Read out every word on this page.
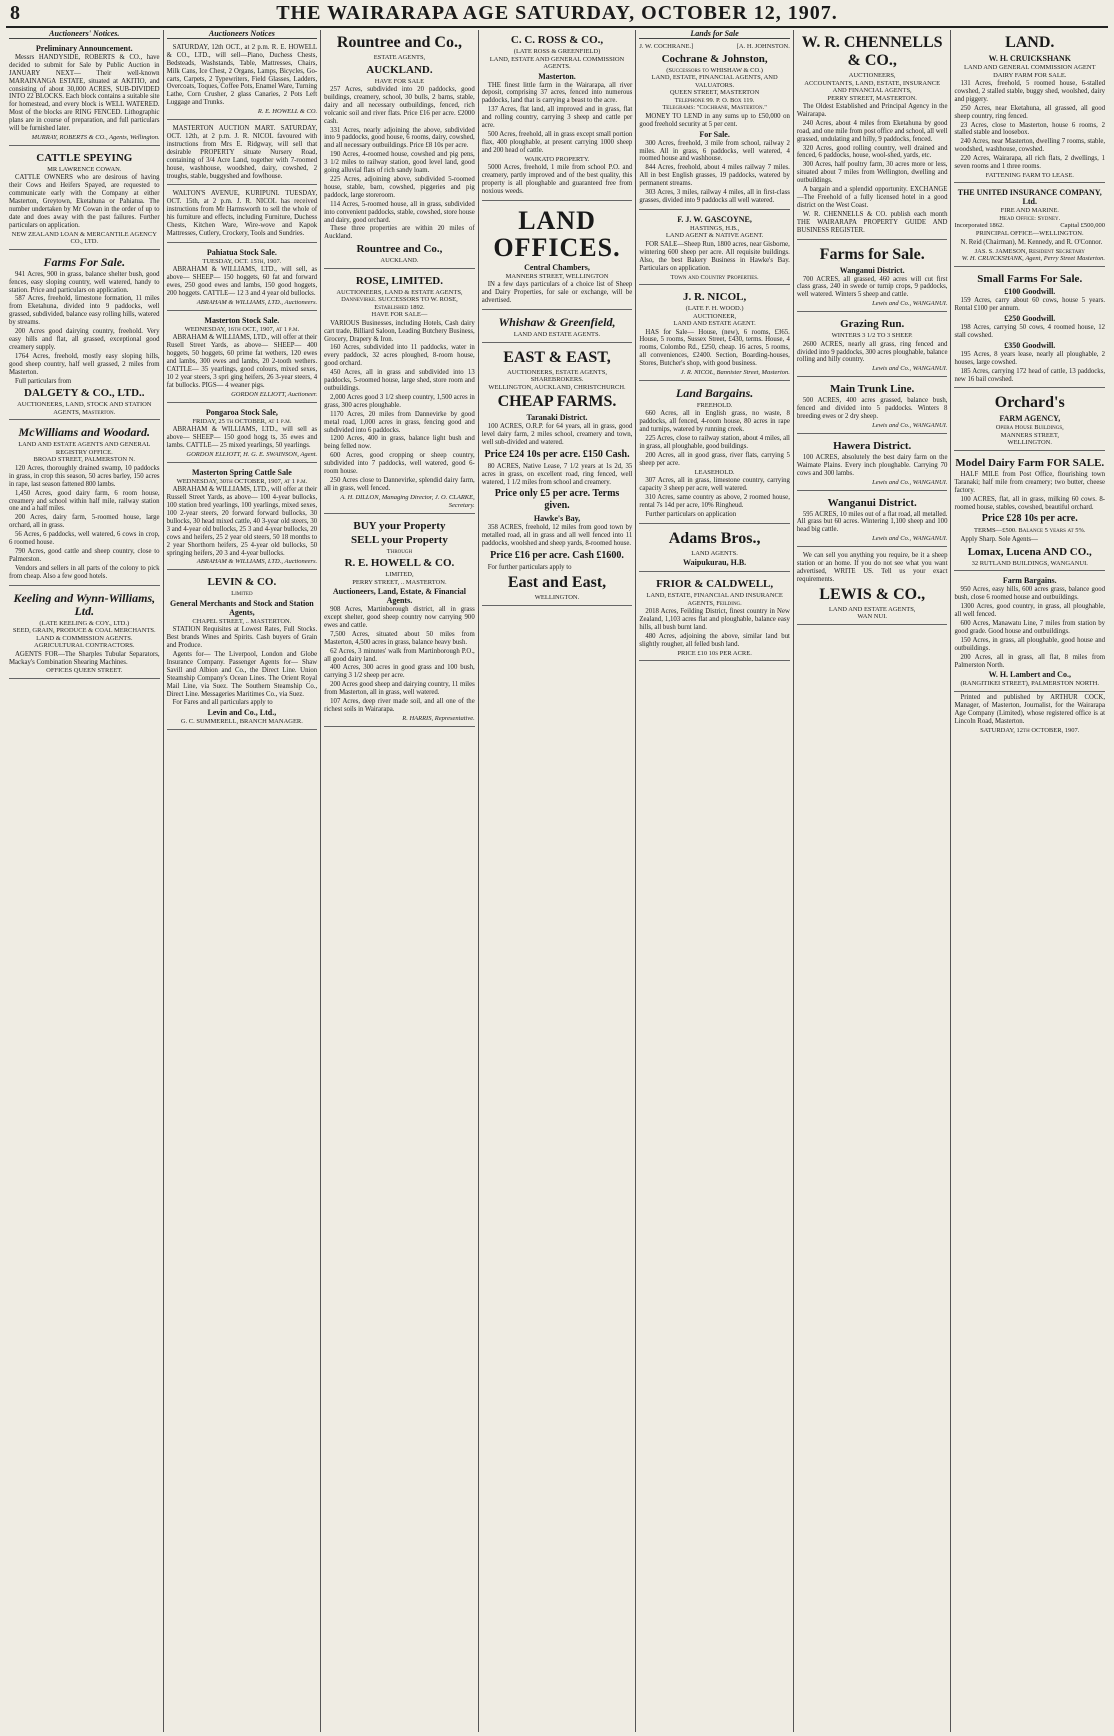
8	THE WAIRARAPA AGE SATURDAY, OCTOBER 12, 1907.
Auctioneers' Notices.
Preliminary Announcement.
Messrs HANDYSIDE, ROBERTS & CO., have decided to submit for Sale by Public Auction in JANUARY NEXT— Their well-known MARAINANGA ESTATE, situated at AKITIO, and consisting of about 30,000 ACRES, SUB-DIVIDED INTO 22 BLOCKS. Each block contains a suitable site for homestead, and every block is WELL WATERED. Most of the blocks are RING FENCED. Lithographic plans are in course of preparation, and full particulars will be furnished later.
MURRAY, ROBERTS & CO., Agents, Wellington.
CATTLE SPEYING
MR LAWRENCE COWAN.
CATTLE OWNERS who are desirous of having their Cows and Heifers Spayed, are requested to communicate early with the Company at either Masterton, Greytown, Eketahuna or Pahiatua. The number undertaken by Mr Cowan in the order of up to date and does away with the past failures. Further particulars on application.
NEW ZEALAND LOAN & MERCANTILE AGENCY CO., LTD.
Farms For Sale.
941 Acres, 900 in grass, balance shelter bush, good fences, easy sloping country, well watered, handy to station. Price and particulars on application.
587 Acres, freehold, limestone formation, 11 miles from Eketahuna, divided into 9 paddocks, well grassed, subdivided, balance easy rolling hills, watered by streams.
200 Acres good dairying country, freehold. Very easy hills and flat, all grassed, exceptional good creamery supply.
1764 Acres, freehold, mostly easy sloping hills, good sheep country, half well grassed, 2 miles from Masterton.
Full particulars from
DALGETY & CO., LTD..
AUCTIONEERS, LAND, STOCK AND STATION AGENTS, Masterton.
McWilliams and Woodard.
LAND AND ESTATE AGENTS AND GENERAL REGISTRY OFFICE.
BROAD STREET, PALMERSTON N.
120 Acres, thoroughly drained swamp, 10 paddocks in grass, in crop this season, 50 acres barley, 150 acres in rape, last season fattened 800 lambs.
1,450 Acres, good dairy farm, 6 room house, creamery and school within half mile, railway station one and a half miles.
200 Acres, dairy farm, 5-roomed house, large orchard, all in grass.
56 Acres, 6 paddocks, well watered, 6 cows in crop, 6 roomed house.
790 Acres, good cattle and sheep country, close to Palmerston.
Vendors and sellers in all parts of the colony to pick from cheap. Also a few good hotels.
Keeling and Wynn-Williams, Ltd.
(LATE KEELING & COY., LTD.)
SEED, GRAIN, PRODUCE & COAL MERCHANTS.
LAND & COMMISSION AGENTS.
AGRICULTURAL CONTRACTORS.
AGENTS FOR—The Sharples Tubular Separators, Mackay's Combination Shearing Machines.
OFFICES QUEEN STREET.
Auctioneers Notices
SATURDAY, 12th OCT., at 2 p.m. R. E. HOWELL & CO., LTD., will sell—Piano, Duchess Chests, Bedsteads, Washstands, Table, Mattresses, Chairs, Milk Cans, Ice Chest, 2 Organs, Lamps, Bicycles, Go-carts, Carpets, 2 Typewriters, Field Glasses, Ladders, Overcoats, Toques, Coffee Pots, Enamel Ware, Turning Lathe, Corn Crusher, 2 glass Canaries, 2 Pots Left Luggage and Trunks.
R. E. HOWELL & CO.
MASTERTON AUCTION MART. SATURDAY, OCT. 12th, at 2 p.m. J. R. NICOL favoured with instructions from Mrs E. Ridgway, will sell that desirable PROPERTY situate Nursery Road, containing of 3/4 Acre Land, together with 7-roomed house, washhouse, woodshed, dairy, cowshed, 2 troughs, stable, buggyshed and fowlhouse.
WALTON'S AVENUE, KURIPUNI. TUESDAY, OCT. 15th, at 2 p.m. J. R. NICOL has received instructions from Mr Harmsworth to sell the whole of his furniture and effects, including Furniture, Duchess Chests, Kitchen Ware, Wire-wove and Kapok Mattresses, Cutlery, Crockery, Tools and Sundries.
Pahiatua Stock Sale.
TUESDAY, OCT. 15th, 1907.
ABRAHAM & WILLIAMS, LTD., will sell, as above— SHEEP— 150 hoggets, 60 fat and forward ewes, 250 good ewes and lambs, 150 good hoggets, 200 hoggets. CATTLE— 12 3 and 4 year old bullocks.
ABRAHAM & WILLIAMS, LTD., Auctioneers.
Masterton Stock Sale.
WEDNESDAY, 16th OCT., 1907, at 1 p.m.
ABRAHAM & WILLIAMS, LTD., will offer at their Rusell Street Yards, as above— SHEEP— 400 hoggets, 50 hoggets, 60 prime fat wethers, 120 ewes and lambs, 300 ewes and lambs, 20 2-tooth wethers. CATTLE— 35 yearlings, good colours, mixed sexes, 10 2 year steers, 3 spri ging heifers, 26 3-year steers, 4 fat bullocks. PIGS— 4 weaner pigs.
GORDON ELLIOTT, Auctioneer.
Pongaroa Stock Sale,
FRIDAY, 25 th OCTOBER, at 1 p.m.
ABRAHAM & WILLIAMS, LTD., will sell as above— SHEEP— 150 good hogg ts, 35 ewes and lambs. CATTLE— 25 mixed yearlings, 50 yearlings.
GORDON ELLIOTT, H. G. E. SWAINSON, Agent.
Masterton Spring Cattle Sale
WEDNESDAY, 30th OCTOBER, 1907, at 1 p.m.
ABRAHAM & WILLIAMS, LTD., will offer at their Russell Street Yards, as above— 100 4-year bullocks, 100 station bred yearlings, 100 yearlings, mixed sexes, 100 2-year steers, 20 forward forward bullocks, 30 bullocks, 30 head mixed cattle, 40 3-year old steers, 30 3 and 4-year old bullocks, 25 3 and 4-year bullocks, 20 cows and heifers, 25 2 year old steers, 50 18 months to 2 year Shorthorn heifers, 25 4-year old bullocks, 50 springing heifers, 20 3 and 4-year bullocks.
ABRAHAM & WILLIAMS, LTD., Auctioneers.
LEVIN & CO.
Limited
General Merchants and Stock and Station Agents,
CHAPEL STREET, .. MASTERTON.
STATION Requisites at Lowest Rates, Full Stocks. Best brands Wines and Spirits. Cash buyers of Grain and Produce.
Agents for— The Liverpool, London and Globe Insurance Company. Passenger Agents for— Shaw Savill and Albion and Co., the Direct Line. Union Steamship Company's Ocean Lines. The Orient Royal Mail Line, via Suez. The Southern Steamship Co., Direct Line. Messageries Maritimes Co., via Suez.
For Fares and all particulars apply to
Levin and Co., Ltd.,
G. C. SUMMERELL, BRANCH MANAGER.
Rountree and Co.,
ESTATE AGENTS,
AUCKLAND.
HAVE FOR SALE
257 Acres, subdivided into 20 paddocks, good buildings, creamery, school, 30 bulls, 2 barns, stable, dairy and all necessary outbuildings, fenced, rich volcanic soil and river flats. Price £16 per acre. £2000 cash.
331 Acres, nearly adjoining the above, subdivided into 9 paddocks, good house, 6 rooms, dairy, cowshed, and all necessary outbuildings. Price £8 10s per acre.
190 Acres, 4-roomed house, cowshed and pig pens, 3 1/2 miles to railway station, good level land, good going alluvial flats of rich sandy loam.
225 Acres, adjoining above, subdivided 5-roomed house, stable, barn, cowshed, piggeries and pig paddock, large storeroom.
114 Acres, 5-roomed house, all in grass, subdivided into convenient paddocks, stable, cowshed, store house and dairy, good orchard.
These three properties are within 20 miles of Auckland.
Rountree and Co.,
AUCKLAND.
ROSE, LIMITED.
AUCTIONEERS, LAND & ESTATE AGENTS, Dannevirke. SUCCESSORS TO W. ROSE,
Established 1892.
HAVE FOR SALE—
VARIOUS Businesses, including Hotels, Cash dairy cart trade, Billiard Saloon, Leading Butchery Business, Grocery, Drapery & Iron.
160 Acres, subdivided into 11 paddocks, water in every paddock, 32 acres ploughed, 8-room house, good orchard.
450 Acres, all in grass and subdivided into 13 paddocks, 5-roomed house, large shed, store room and outbuildings.
2,000 Acres good 3 1/2 sheep country, 1,500 acres in grass, 300 acres ploughable.
1170 Acres, 20 miles from Dannevirke by good metal road, 1,000 acres in grass, fencing good and subdivided into 6 paddocks.
1200 Acres, 400 in grass, balance light bush and being felled now.
600 Acres, good cropping or sheep country, subdivided into 7 paddocks, well watered, good 6-room house.
250 Acres close to Dannevirke, splendid dairy farm, all in grass, well fenced.
A. H. DILLON, Managing Director, J. O. CLARKE, Secretary.
BUY your Property
SELL your Property
Through
R. E. HOWELL & CO.
LIMITED,
PERRY STREET, .. MASTERTON.
Auctioneers, Land, Estate, & Financial Agents.
908 Acres, Martinborough district, all in grass except shelter, good sheep country now carrying 900 ewes and cattle.
7,500 Acres, situated about 50 miles from Masterton, 4,500 acres in grass, balance heavy bush.
62 Acres, 3 minutes' walk from Martinborough P.O., all good dairy land.
400 Acres, 300 acres in good grass and 100 bush, carrying 3 1/2 sheep per acre.
200 Acres good sheep and dairying country, 11 miles from Masterton, all in grass, well watered.
107 Acres, deep river made soil, and all one of the richest soils in Wairarapa.
R. HARRIS, Representative.
C. C. ROSS & CO.,
(LATE ROSS & GREENFIELD)
LAND, ESTATE AND GENERAL COMMISSION AGENTS.
Masterton.
THE finest little farm in the Wairarapa, all river deposit, comprising 37 acres, fenced into numerous paddocks, land that is carrying a beast to the acre.
137 Acres, flat land, all improved and in grass, flat and rolling country, carrying 3 sheep and cattle per acre.
500 Acres, freehold, all in grass except small portion flax, 400 ploughable, at present carrying 1000 sheep and 200 head of cattle.
WAIKATO PROPERTY.
5000 Acres, freehold, 1 mile from school P.O. and creamery, partly improved and of the best quality, this property is all ploughable and guaranteed free from noxious weeds.
LAND OFFICES.
Central Chambers,
MANNERS STREET, WELLINGTON
IN a few days particulars of a choice list of Sheep and Dairy Properties, for sale or exchange, will be advertised.
Whishaw & Greenfield,
LAND AND ESTATE AGENTS.
EAST & EAST,
AUCTIONEERS, ESTATE AGENTS, SHAREBROKERS.
WELLINGTON, AUCKLAND, CHRISTCHURCH.
CHEAP FARMS.
Taranaki District.
100 ACRES, O.R.P. for 64 years, all in grass, good level dairy farm, 2 miles school, creamery and town, well sub-divided and watered.
Price £24 10s per acre. £150 Cash.
80 ACRES, Native Lease, 7 1/2 years at 1s 2d, 35 acres in grass, on excellent road, ring fenced, well watered, 1 1/2 miles from school and creamery.
Price only £5 per acre. Terms given.
Hawke's Bay,
358 ACRES, freehold, 12 miles from good town by metalled road, all in grass and all well fenced into 11 paddocks, woolshed and sheep yards, 8-roomed house.
Price £16 per acre. Cash £1600.
For further particulars apply to
East and East,
WELLINGTON.
Lands for Sale
J. W. COCHRANE.]	[A. H. JOHNSTON.
Cochrane & Johnston,
(Successors to WHISHAW & CO.)
LAND, ESTATE, FINANCIAL AGENTS, AND VALUATORS.
QUEEN STREET, MASTERTON
Telephone 99. P. O. Box 119.
Telegrams: "Cochrane, Masterton."
MONEY TO LEND in any sums up to £50,000 on good freehold security at 5 per cent.
For Sale.
300 Acres, freehold, 3 mile from school, railway 2 miles. All in grass, 6 paddocks, well watered, 4 roomed house and washhouse.
844 Acres, freehold, about 4 miles railway 7 miles. All in best English grasses, 19 paddocks, watered by permanent streams.
303 Acres, 3 miles, railway 4 miles, all in first-class grasses, divided into 9 paddocks all well watered.
F. J. W. GASCOYNE,
HASTINGS, H.B.,
LAND AGENT & NATIVE AGENT.
FOR SALE—Sheep Run, 1800 acres, near Gisborne, wintering 600 sheep per acre. All requisite buildings. Also, the best Bakery Business in Hawke's Bay. Particulars on application.
Town and Country Properties.
J. R. NICOL,
(LATE F. H. WOOD.)
AUCTIONEER,
LAND AND ESTATE AGENT.
HAS for Sale— House, (new), 6 rooms, £365. House, 5 rooms, Sussex Street, £430, terms. House, 4 rooms, Colombo Rd., £250, cheap. 16 acres, 5 rooms, all conveniences, £2400. Section, Boarding-houses, Stores, Butcher's shop, with good business.
J. R. NICOL, Bannister Street, Masterton.
Land Bargains.
FREEHOLD.
660 Acres, all in English grass, no waste, 8 paddocks, all fenced, 4-room house, 80 acres in rape and turnips, watered by running creek.
225 Acres, close to railway station, about 4 miles, all in grass, all ploughable, good buildings.
200 Acres, all in good grass, river flats, carrying 5 sheep per acre.
LEASEHOLD.
307 Acres, all in grass, limestone country, carrying capacity 3 sheep per acre, well watered.
310 Acres, same country as above, 2 roomed house, rental 7s 14d per acre, 10% Ringheud.
Further particulars on application
Adams Bros.,
LAND AGENTS.
Waipukurau, H.B.
FRIOR & CALDWELL,
LAND, ESTATE, FINANCIAL AND INSURANCE AGENTS, Feilding.
2018 Acres, Feilding District, finest country in New Zealand, 1,103 acres flat and ploughable, balance easy hills, all bush burnt land.
480 Acres, adjoining the above, similar land but slightly rougher, all felled bush land.
PRICE £10 10s PER ACRE.
W. R. CHENNELLS & CO.,
AUCTIONEERS,
ACCOUNTANTS, LAND, ESTATE, INSURANCE AND FINANCIAL AGENTS,
PERRY STREET, MASTERTON.
The Oldest Established and Principal Agency in the Wairarapa.
240 Acres, about 4 miles from Eketahuna by good road, and one mile from post office and school, all well grassed, undulating and hilly, 9 paddocks, fenced.
320 Acres, good rolling country, well drained and fenced, 6 paddocks, house, wool-shed, yards, etc.
300 Acres, half poultry farm, 30 acres more or less, situated about 7 miles from Wellington, dwelling and outbuildings.
A bargain and a splendid opportunity. EXCHANGE—The Freehold of a fully licensed hotel in a good district on the West Coast.
W. R. CHENNELLS & CO. publish each month THE WAIRARAPA PROPERTY GUIDE AND BUSINESS REGISTER.
Farms for Sale.
Wanganui District.
700 ACRES, all grassed, 460 acres will cut first class grass, 240 in swede or turnip crops, 9 paddocks, well watered. Winters 5 sheep and cattle.
Lewis and Co., WANGANUI.
Grazing Run.
WINTERS 3 1/2 TO 3 SHEEP.
2600 ACRES, nearly all grass, ring fenced and divided into 9 paddocks, 300 acres ploughable, balance rolling and hilly country.
Lewis and Co., WANGANUI.
Main Trunk Line.
500 ACRES, 400 acres grassed, balance bush, fenced and divided into 5 paddocks. Winters 8 breeding ewes or 2 dry sheep.
Lewis and Co., WANGANUI.
Hawera District.
100 ACRES, absolutely the best dairy farm on the Waimate Plains. Every inch ploughable. Carrying 70 cows and 300 lambs.
Lewis and Co., WANGANUI.
Wanganui District.
595 ACRES, 10 miles out of a flat road, all metalled. All grass but 60 acres. Wintering 1,100 sheep and 100 head big cattle.
Lewis and Co., WANGANUI.
We can sell you anything you require, be it a sheep station or an home. If you do not see what you want advertised, WRITE US. Tell us your exact requirements.
LEWIS & CO.,
LAND AND ESTATE AGENTS,
WAN NUI.
LAND.
W. H. CRUICKSHANK
LAND AND GENERAL COMMISSION AGENT
DAIRY FARM FOR SALE.
131 Acres, freehold, 5 roomed house, 6-stalled cowshed, 2 stalled stable, buggy shed, woolshed, dairy and piggery.
250 Acres, near Eketahuna, all grassed, all good sheep country, ring fenced.
23 Acres, close to Masterton, house 6 rooms, 2 stalled stable and loosebox.
240 Acres, near Masterton, dwelling 7 rooms, stable, woodshed, washhouse, cowshed.
220 Acres, Wairarapa, all rich flats, 2 dwellings, 1 seven rooms and 1 three rooms.
FATTENING FARM TO LEASE.
THE UNITED INSURANCE COMPANY, Ltd.
FIRE AND MARINE.
Head Office: Sydney.
Incorporated 1862.	Capital £500,000
PRINCIPAL OFFICE—WELLINGTON.
N. Reid (Chairman), M. Kennedy, and R. O'Connor.
JAS. S. JAMESON, Resident Secretary
W. H. CRUICKSHANK, Agent, Perry Street Masterton.
Small Farms For Sale.
£100 Goodwill.
159 Acres, carry about 60 cows, house 5 years. Rental £100 per annum.
£250 Goodwill.
198 Acres, carrying 50 cows, 4 roomed house, 12 stall cowshed.
£350 Goodwill.
195 Acres, 8 years lease, nearly all ploughable, 2 houses, large cowshed.
185 Acres, carrying 172 head of cattle, 13 paddocks, new 16 bail cowshed.
Orchard's
FARM AGENCY,
Opera House Buildings,
MANNERS STREET,
WELLINGTON.
Model Dairy Farm FOR SALE.
HALF MILE from Post Office, flourishing town Taranaki; half mile from creamery; two butter, cheese factory.
100 ACRES, flat, all in grass, milking 60 cows. 8-roomed house, stables, cowshed, beautiful orchard.
Price £28 10s per acre.
TERMS—£500. Balance 5 years at 5%.
Apply Sharp. Sole Agents—
Lomax, Lucena AND CO.,
32 RUTLAND BUILDINGS, WANGANUI.
Farm Bargains.
950 Acres, easy hills, 600 acres grass, balance good bush, close 6 roomed house and outbuildings.
1300 Acres, good country, in grass, all ploughable, all well fenced.
600 Acres, Manawatu Line, 7 miles from station by good grade. Good house and outbuildings.
150 Acres, in grass, all ploughable, good house and outbuildings.
200 Acres, all in grass, all flat, 8 miles from Palmerston North.
W. H. Lambert and Co.,
(RANGITIKEI STREET), PALMERSTON NORTH.
Printed and published by ARTHUR COCK, Manager, of Masterton, Journalist, for the Wairarapa Age Company (Limited), whose registered office is at Lincoln Road, Masterton.
SATURDAY, 12th OCTOBER, 1907.
